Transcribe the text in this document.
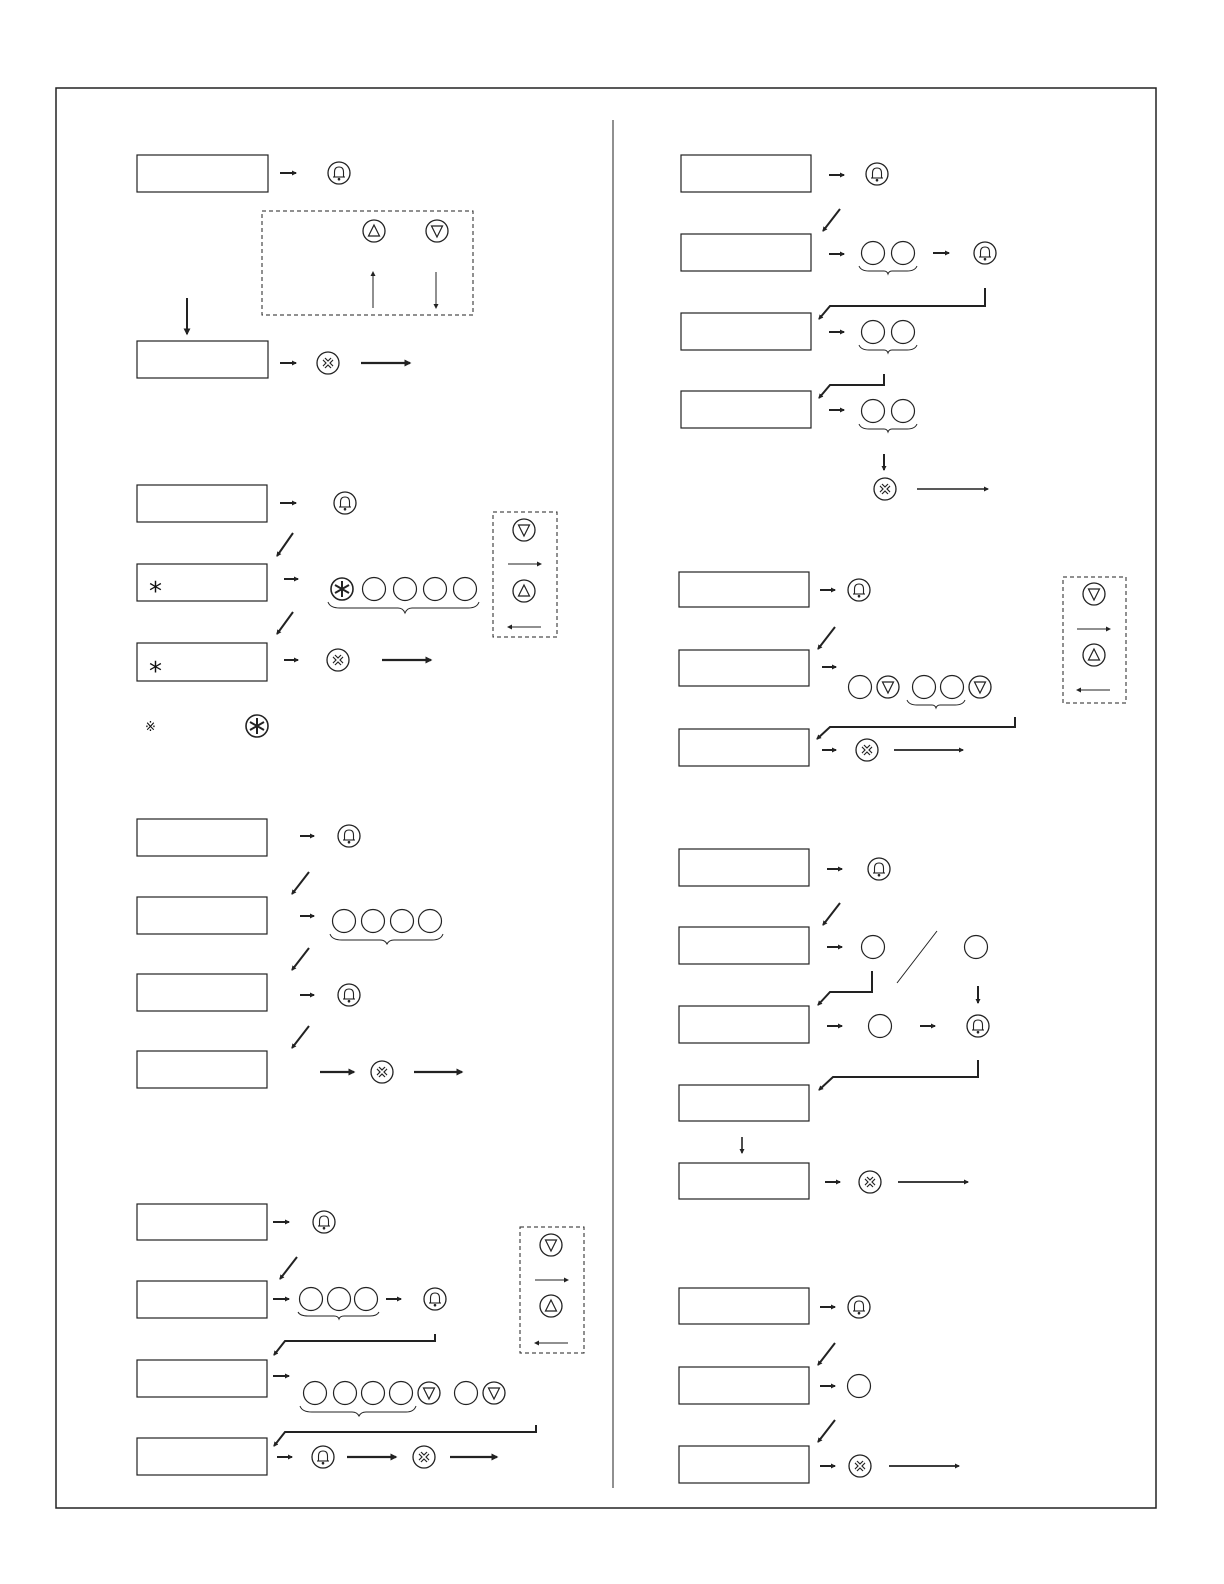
*
*
※
